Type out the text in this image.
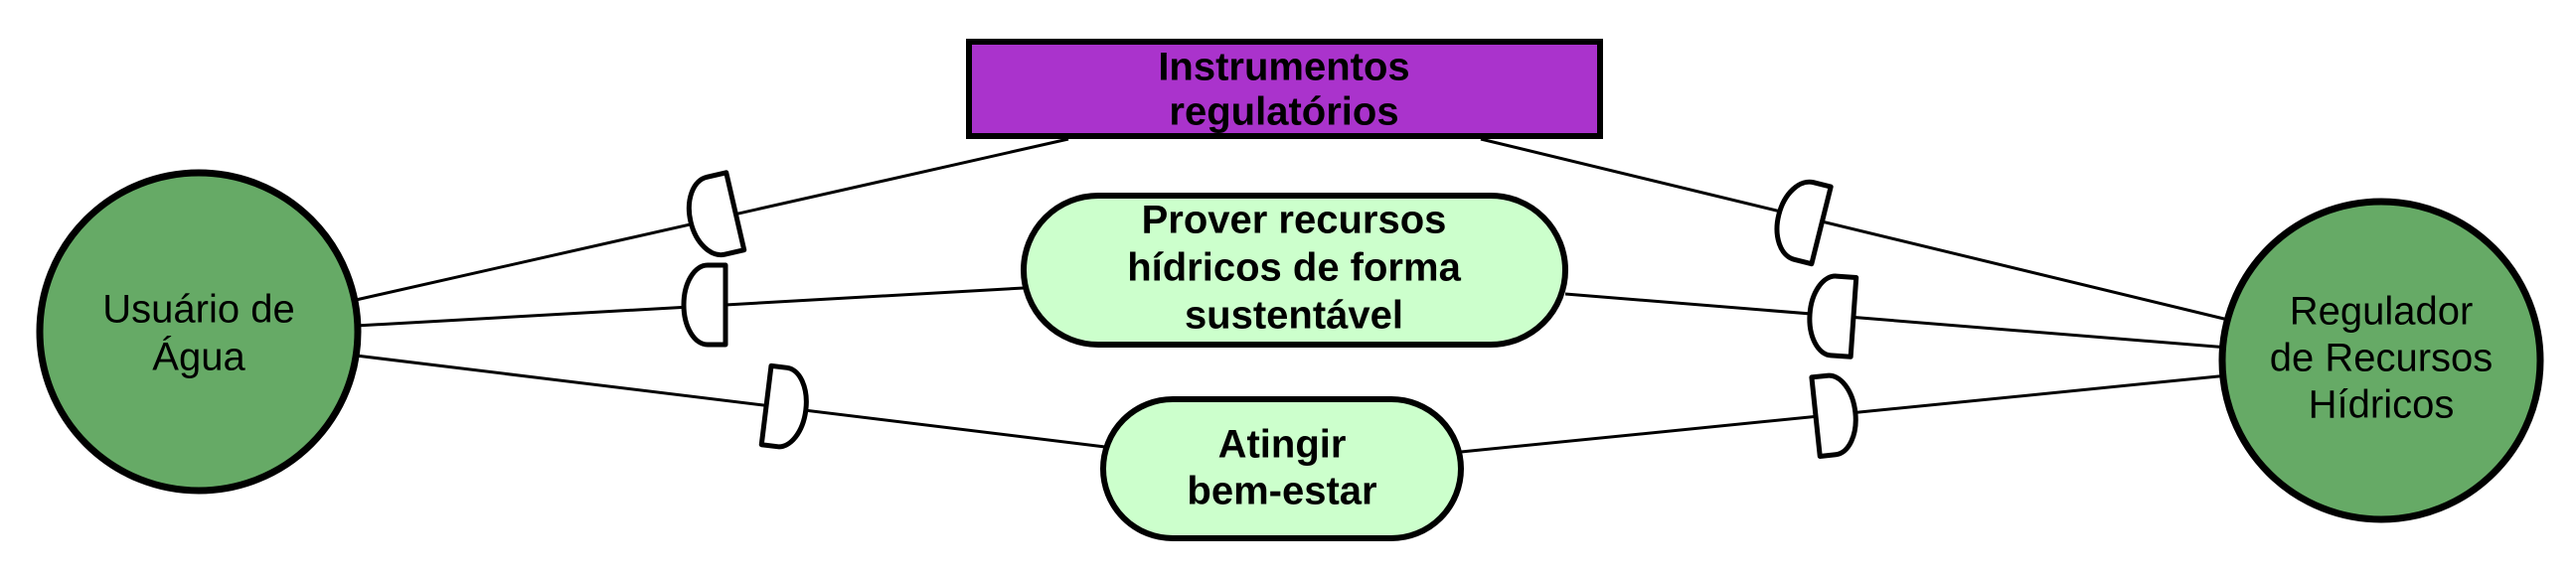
Usuário de
Água
Regulador
de Recursos
Hídricos
Instrumentos
regulatórios
Prover recursos
hídricos de forma
sustentável
Atingir
bem-estar
